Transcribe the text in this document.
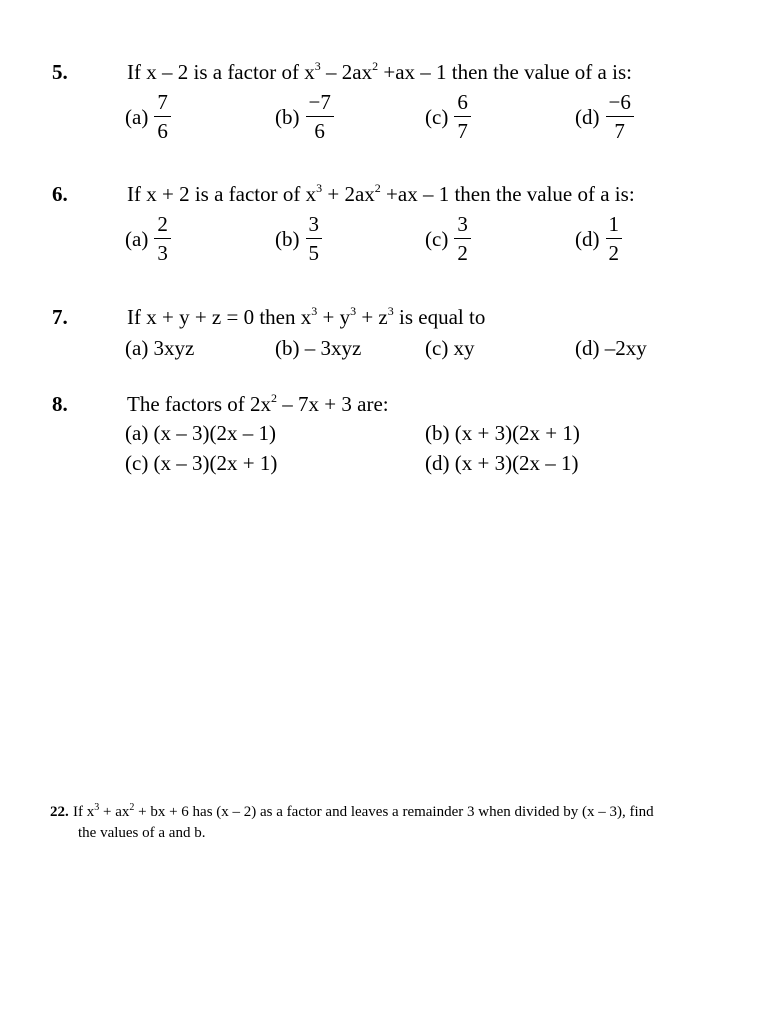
5.	If x – 2 is a factor of $x^3 - 2ax^2 +ax - 1$ then the value of a is:
$(a) \frac{7}{6}$	$(b) \frac{-7}{6}$	$(c) \frac{6}{7}$	$(d) \frac{-6}{7}$
6.	If x + 2 is a factor of $x^3 + 2ax^2 +ax - 1$ then the value of a is:
$(a) \frac{2}{3}$	$(b) \frac{3}{5}$	$(c) \frac{3}{2}$	$(d) \frac{1}{2}$
7.	If x + y + z = 0 then $x^3 + y^3 + z^3$ is equal to
(a) 3xyz	(b) – 3xyz	(c) xy	(d) –2xy
8.	The factors of $2x^2 - 7x + 3$ are:
(a) (x – 3)(2x – 1)	(b) (x + 3)(2x + 1)
(c) (x – 3)(2x + 1)	(d) (x + 3)(2x – 1)
22. If $x^3 + ax^2$ + bx + 6 has (x – 2) as a factor and leaves a remainder 3 when divided by (x – 3), find
the values of a and b.
